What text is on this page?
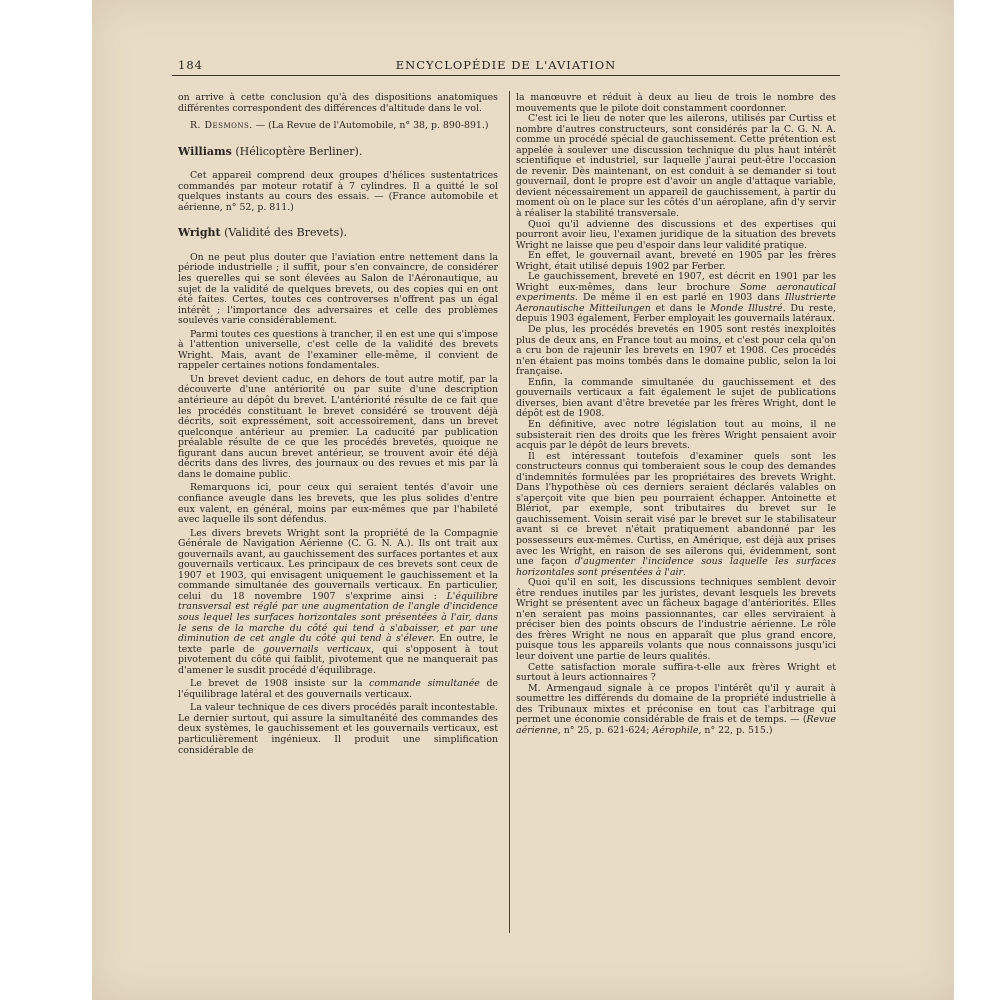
184	ENCYCLOPÉDIE DE L'AVIATION

on arrive à cette conclusion qu'à des dispositions anatomiques différentes correspondent des différences d'altitude dans le vol.

R. Desmons. — (La Revue de l'Automobile, n° 38, p. 890-891.)

Williams (Hélicoptère Berliner).

Cet appareil comprend deux groupes d'hélices sustentatrices commandés par moteur rotatif à 7 cylindres. Il a quitté le sol quelques instants au cours des essais. — (France automobile et aérienne, n° 52, p. 811.)

Wright (Validité des Brevets).

On ne peut plus douter que l'aviation entre nettement dans la période industrielle ; il suffit, pour s'en convaincre, de considérer les querelles qui se sont élevées au Salon de l'Aéronautique, au sujet de la validité de quelques brevets, ou des copies qui en ont été faites. Certes, toutes ces controverses n'offrent pas un égal intérêt ; l'importance des adversaires et celle des problèmes soulevés varie considérablement.

Parmi toutes ces questions à trancher, il en est une qui s'impose à l'attention universelle, c'est celle de la validité des brevets Wright. Mais, avant de l'examiner elle-même, il convient de rappeler certaines notions fondamentales.

Un brevet devient caduc, en dehors de tout autre motif, par la découverte d'une antériorité ou par suite d'une description antérieure au dépôt du brevet. L'antériorité résulte de ce fait que les procédés constituant le brevet considéré se trouvent déjà décrits, soit expressément, soit accessoirement, dans un brevet quelconque antérieur au premier. La caducité par publication préalable résulte de ce que les procédés brevetés, quoique ne figurant dans aucun brevet antérieur, se trouvent avoir été déjà décrits dans des livres, des journaux ou des revues et mis par là dans le domaine public.

Remarquons ici, pour ceux qui seraient tentés d'avoir une confiance aveugle dans les brevets, que les plus solides d'entre eux valent, en général, moins par eux-mêmes que par l'habileté avec laquelle ils sont défendus.

Les divers brevets Wright sont la propriété de la Compagnie Générale de Navigation Aérienne (C. G. N. A.). Ils ont trait aux gouvernails avant, au gauchissement des surfaces portantes et aux gouvernails verticaux. Les principaux de ces brevets sont ceux de 1907 et 1903, qui envisagent uniquement le gauchissement et la commande simultanée des gouvernails verticaux. En particulier, celui du 18 novembre 1907 s'exprime ainsi : L'équilibre transversal est réglé par une augmentation de l'angle d'incidence sous lequel les surfaces horizontales sont présentées à l'air, dans le sens de la marche du côté qui tend à s'abaisser, et par une diminution de cet angle du côté qui tend à s'élever. En outre, le texte parle de gouvernails verticaux, qui s'opposent à tout pivotement du côté qui faiblit, pivotement que ne manquerait pas d'amener le susdit procédé d'équilibrage.

Le brevet de 1908 insiste sur la commande simultanée de l'équilibrage latéral et des gouvernails verticaux.

La valeur technique de ces divers procédés paraît incontestable. Le dernier surtout, qui assure la simultanéité des commandes des deux systèmes, le gauchissement et les gouvernails verticaux, est particulièrement ingénieux. Il produit une simplification considérable de

la manœuvre et réduit à deux au lieu de trois le nombre des mouvements que le pilote doit constamment coordonner.

C'est ici le lieu de noter que les ailerons, utilisés par Curtiss et nombre d'autres constructeurs, sont considérés par la C. G. N. A. comme un procédé spécial de gauchissement. Cette prétention est appelée à soulever une discussion technique du plus haut intérêt scientifique et industriel, sur laquelle j'aurai peut-être l'occasion de revenir. Dès maintenant, on est conduit à se demander si tout gouvernail, dont le propre est d'avoir un angle d'attaque variable, devient nécessairement un appareil de gauchissement, à partir du moment où on le place sur les côtés d'un aéroplane, afin d'y servir à réaliser la stabilité transversale.

Quoi qu'il advienne des discussions et des expertises qui pourront avoir lieu, l'examen juridique de la situation des brevets Wright ne laisse que peu d'espoir dans leur validité pratique.

En effet, le gouvernail avant, breveté en 1905 par les frères Wright, était utilisé depuis 1902 par Ferber.

Le gauchissement, breveté en 1907, est décrit en 1901 par les Wright eux-mêmes, dans leur brochure Some aeronautical experiments. De même il en est parlé en 1903 dans Illustrierte Aeronautische Mitteilungen et dans le Monde Illustré. Du reste, depuis 1903 également, Ferber employait les gouvernails latéraux.

De plus, les procédés brevetés en 1905 sont restés inexploités plus de deux ans, en France tout au moins, et c'est pour cela qu'on a cru bon de rajeunir les brevets en 1907 et 1908. Ces procédés n'en étaient pas moins tombés dans le domaine public, selon la loi française.

Enfin, la commande simultanée du gauchissement et des gouvernails verticaux a fait également le sujet de publications diverses, bien avant d'être brevetée par les frères Wright, dont le dépôt est de 1908.

En définitive, avec notre législation tout au moins, il ne subsisterait rien des droits que les frères Wright pensaient avoir acquis par le dépôt de leurs brevets.

Il est intéressant toutefois d'examiner quels sont les constructeurs connus qui tomberaient sous le coup des demandes d'indemnités formulées par les propriétaires des brevets Wright. Dans l'hypothèse où ces derniers seraient déclarés valables on s'aperçoit vite que bien peu pourraient échapper. Antoinette et Blériot, par exemple, sont tributaires du brevet sur le gauchissement. Voisin serait visé par le brevet sur le stabilisateur avant si ce brevet n'était pratiquement abandonné par les possesseurs eux-mêmes. Curtiss, en Amérique, est déjà aux prises avec les Wright, en raison de ses ailerons qui, évidemment, sont une façon d'augmenter l'incidence sous laquelle les surfaces horizontales sont présentées à l'air.

Quoi qu'il en soit, les discussions techniques semblent devoir être rendues inutiles par les juristes, devant lesquels les brevets Wright se présentent avec un fâcheux bagage d'antériorités. Elles n'en seraient pas moins passionnantes, car elles serviraient à préciser bien des points obscurs de l'industrie aérienne. Le rôle des frères Wright ne nous en apparaît que plus grand encore, puisque tous les appareils volants que nous connaissons jusqu'ici leur doivent une partie de leurs qualités.

Cette satisfaction morale suffira-t-elle aux frères Wright et surtout à leurs actionnaires ?

M. Armengaud signale à ce propos l'intérêt qu'il y aurait à soumettre les différends du domaine de la propriété industrielle à des Tribunaux mixtes et préconise en tout cas l'arbitrage qui permet une économie considérable de frais et de temps. — (Revue aérienne, n° 25, p. 621-624; Aérophile, n° 22, p. 515.)
